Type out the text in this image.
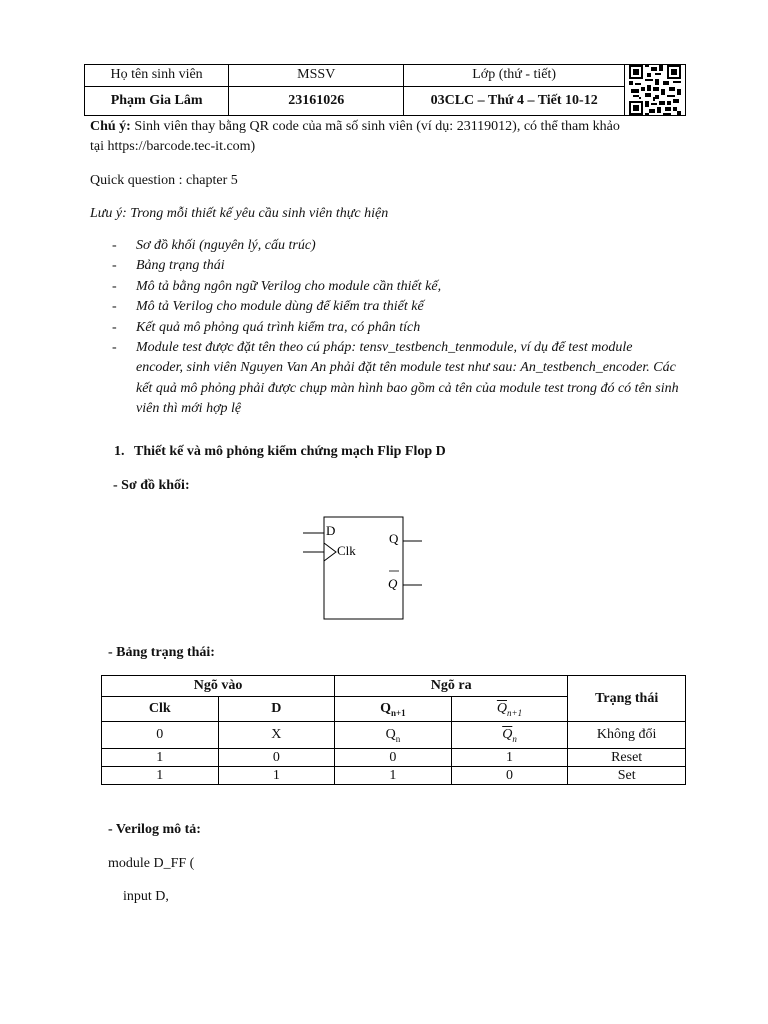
Họ tên sinh viên	MSSV	Lớp (thứ - tiết)	

Phạm Gia Lâm	23161026	03CLC – Thứ 4 – Tiết 10-12	

Chú ý: Sinh viên thay bằng QR code của mã số sinh viên (ví dụ: 23119012), có thể tham khảo

tại https://barcode.tec-it.com)

Quick question : chapter 5

Lưu ý: Trong mỗi thiết kế yêu cầu sinh viên thực hiện

- Sơ đồ khối (nguyên lý, cấu trúc)
- Bảng trạng thái
- Mô tả bằng ngôn ngữ Verilog cho module cần thiết kế,
- Mô tả Verilog cho module dùng để kiểm tra thiết kế
- Kết quả mô phỏng quá trình kiểm tra, có phân tích
- Module test được đặt tên theo cú pháp: tensv_testbench_tenmodule, ví dụ để test module encoder, sinh viên Nguyen Van An phải đặt tên module test như sau: An_testbench_encoder. Các kết quả mô phỏng phải được chụp màn hình bao gồm cả tên của module test trong đó có tên sinh viên thì mới hợp lệ
1. Thiết kế và mô phỏng kiểm chứng mạch Flip Flop D
- Sơ đồ khối:
D
Clk
Q
Q
- Bảng trạng thái:
Ngõ vào		Ngõ ra		Trạng thái
Clk	D	$Q_{n+1}$	$\overline{Q}_{n+1}$
0	X	$Q_n$	$\overline{Q}_n$	Không đổi
1	0	0	1	Reset
1	1	1	0	Set
- Verilog mô tả:
module D_FF (
input D,
